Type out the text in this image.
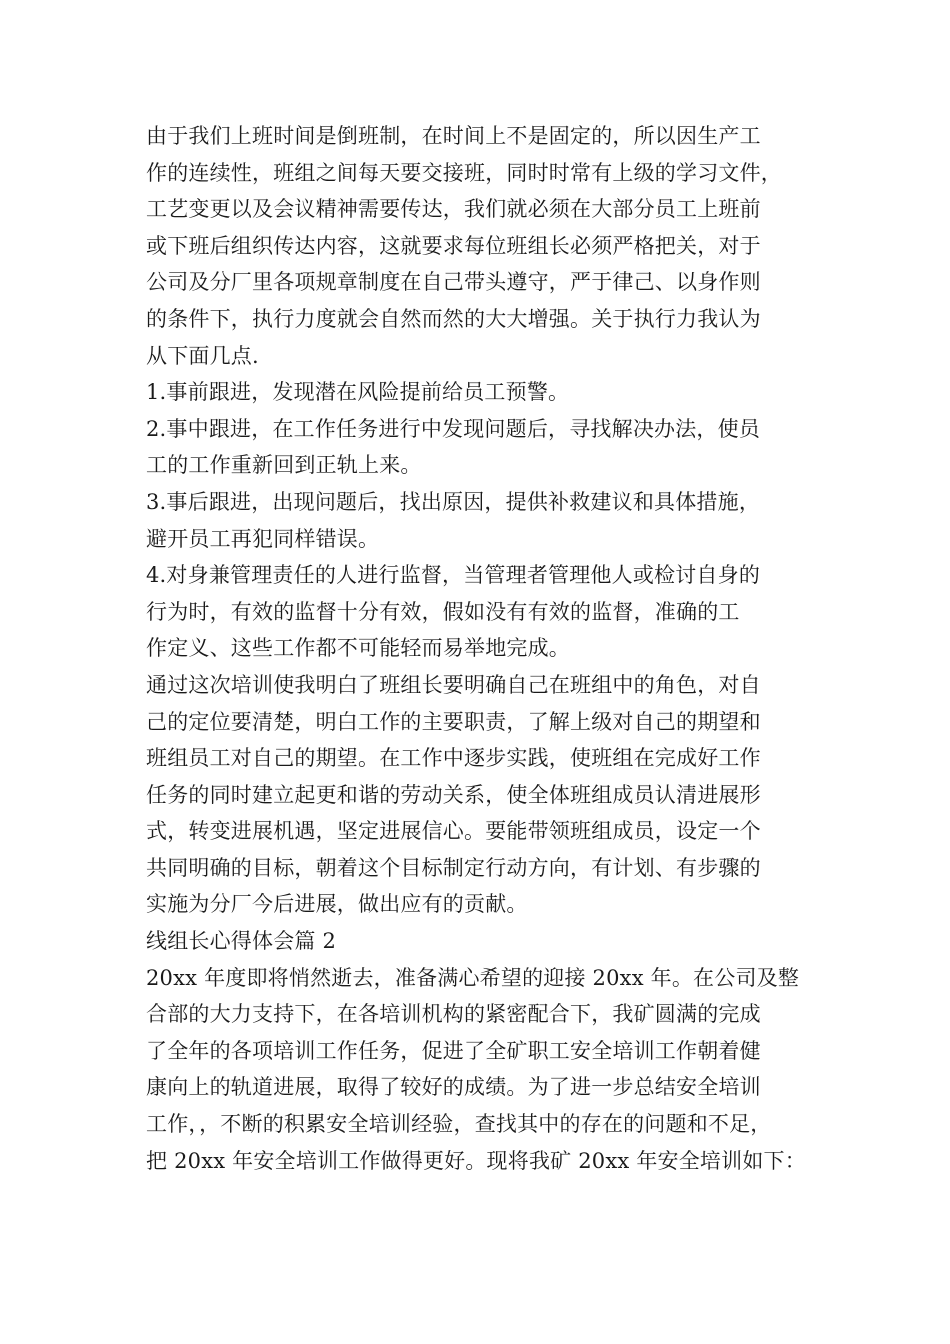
由于我们上班时间是倒班制，在时间上不是固定的，所以因生产工
作的连续性，班组之间每天要交接班，同时时常有上级的学习文件，
工艺变更以及会议精神需要传达，我们就必须在大部分员工上班前
或下班后组织传达内容，这就要求每位班组长必须严格把关，对于
公司及分厂里各项规章制度在自己带头遵守，严于律己、以身作则
的条件下，执行力度就会自然而然的大大增强。关于执行力我认为
从下面几点.
1.事前跟进，发现潜在风险提前给员工预警。
2.事中跟进，在工作任务进行中发现问题后，寻找解决办法，使员
工的工作重新回到正轨上来。
3.事后跟进，出现问题后，找出原因，提供补救建议和具体措施，
避开员工再犯同样错误。
4.对身兼管理责任的人进行监督，当管理者管理他人或检讨自身的
行为时，有效的监督十分有效，假如没有有效的监督，准确的工
作定义、这些工作都不可能轻而易举地完成。
通过这次培训使我明白了班组长要明确自己在班组中的角色，对自
己的定位要清楚，明白工作的主要职责，了解上级对自己的期望和
班组员工对自己的期望。在工作中逐步实践，使班组在完成好工作
任务的同时建立起更和谐的劳动关系，使全体班组成员认清进展形
式，转变进展机遇，坚定进展信心。要能带领班组成员，设定一个
共同明确的目标，朝着这个目标制定行动方向，有计划、有步骤的
实施为分厂今后进展，做出应有的贡献。
线组长心得体会篇 2
20xx 年度即将悄然逝去，准备满心希望的迎接 20xx 年。在公司及整
合部的大力支持下，在各培训机构的紧密配合下，我矿圆满的完成
了全年的各项培训工作任务，促进了全矿职工安全培训工作朝着健
康向上的轨道进展，取得了较好的成绩。为了进一步总结安全培训
工作，，不断的积累安全培训经验，查找其中的存在的问题和不足，
把 20xx 年安全培训工作做得更好。现将我矿 20xx 年安全培训如下：
